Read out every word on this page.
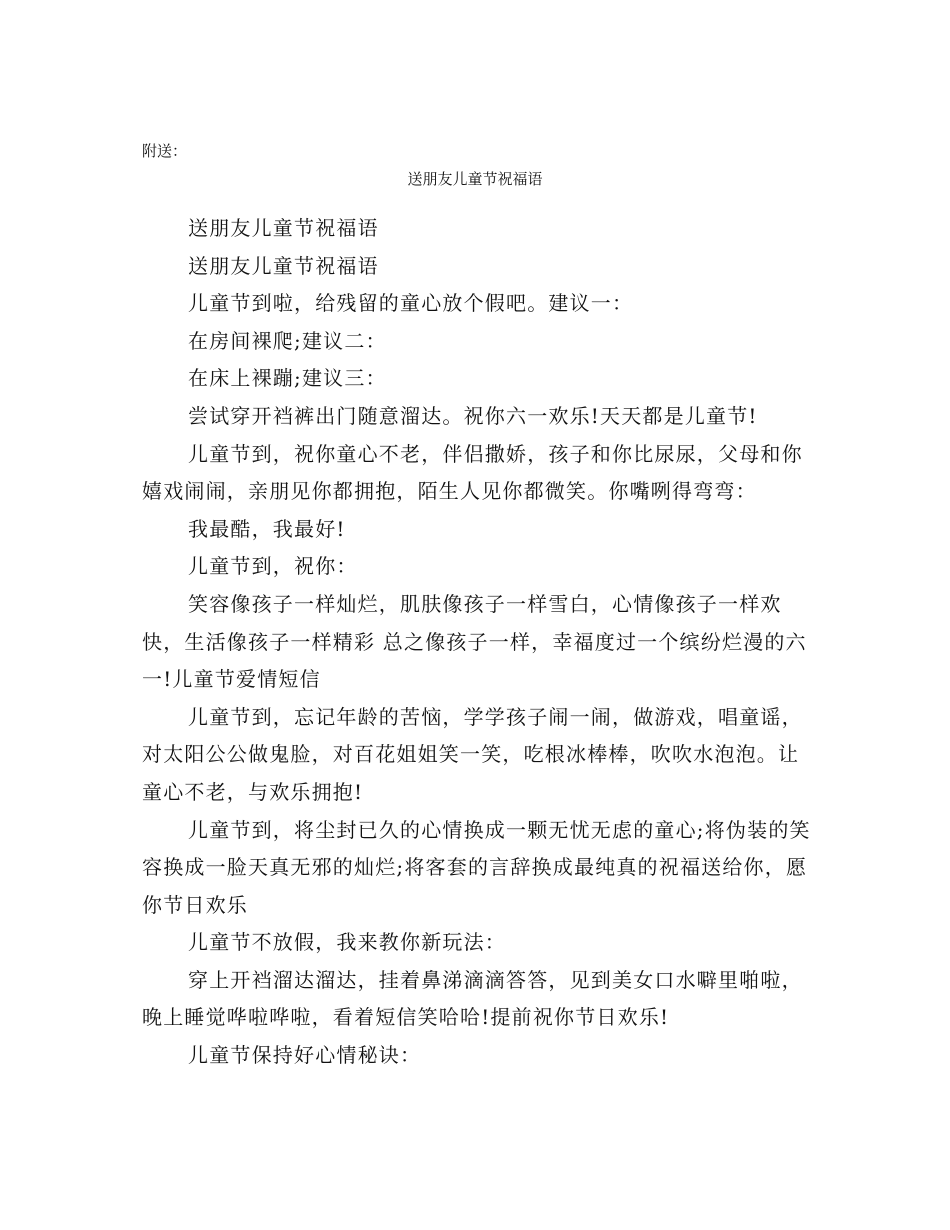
附送：
送朋友儿童节祝福语

送朋友儿童节祝福语

送朋友儿童节祝福语

儿童节到啦，给残留的童心放个假吧。建议一：

在房间裸爬;建议二：

在床上裸蹦;建议三：

尝试穿开裆裤出门随意溜达。祝你六一欢乐!天天都是儿童节!

儿童节到，祝你童心不老，伴侣撒娇，孩子和你比尿尿，父母和你嬉戏闹闹，亲朋见你都拥抱，陌生人见你都微笑。你嘴咧得弯弯：

我最酷，我最好!

儿童节到，祝你：

笑容像孩子一样灿烂，肌肤像孩子一样雪白，心情像孩子一样欢快，生活像孩子一样精彩 总之像孩子一样，幸福度过一个缤纷烂漫的六一!儿童节爱情短信

儿童节到，忘记年龄的苦恼，学学孩子闹一闹，做游戏，唱童谣，对太阳公公做鬼脸，对百花姐姐笑一笑，吃根冰棒棒，吹吹水泡泡。让童心不老，与欢乐拥抱!

儿童节到，将尘封已久的心情换成一颗无忧无虑的童心;将伪装的笑容换成一脸天真无邪的灿烂;将客套的言辞换成最纯真的祝福送给你，愿你节日欢乐

儿童节不放假，我来教你新玩法：

穿上开裆溜达溜达，挂着鼻涕滴滴答答，见到美女口水噼里啪啦，晚上睡觉哗啦哗啦，看着短信笑哈哈!提前祝你节日欢乐!

儿童节保持好心情秘诀：
